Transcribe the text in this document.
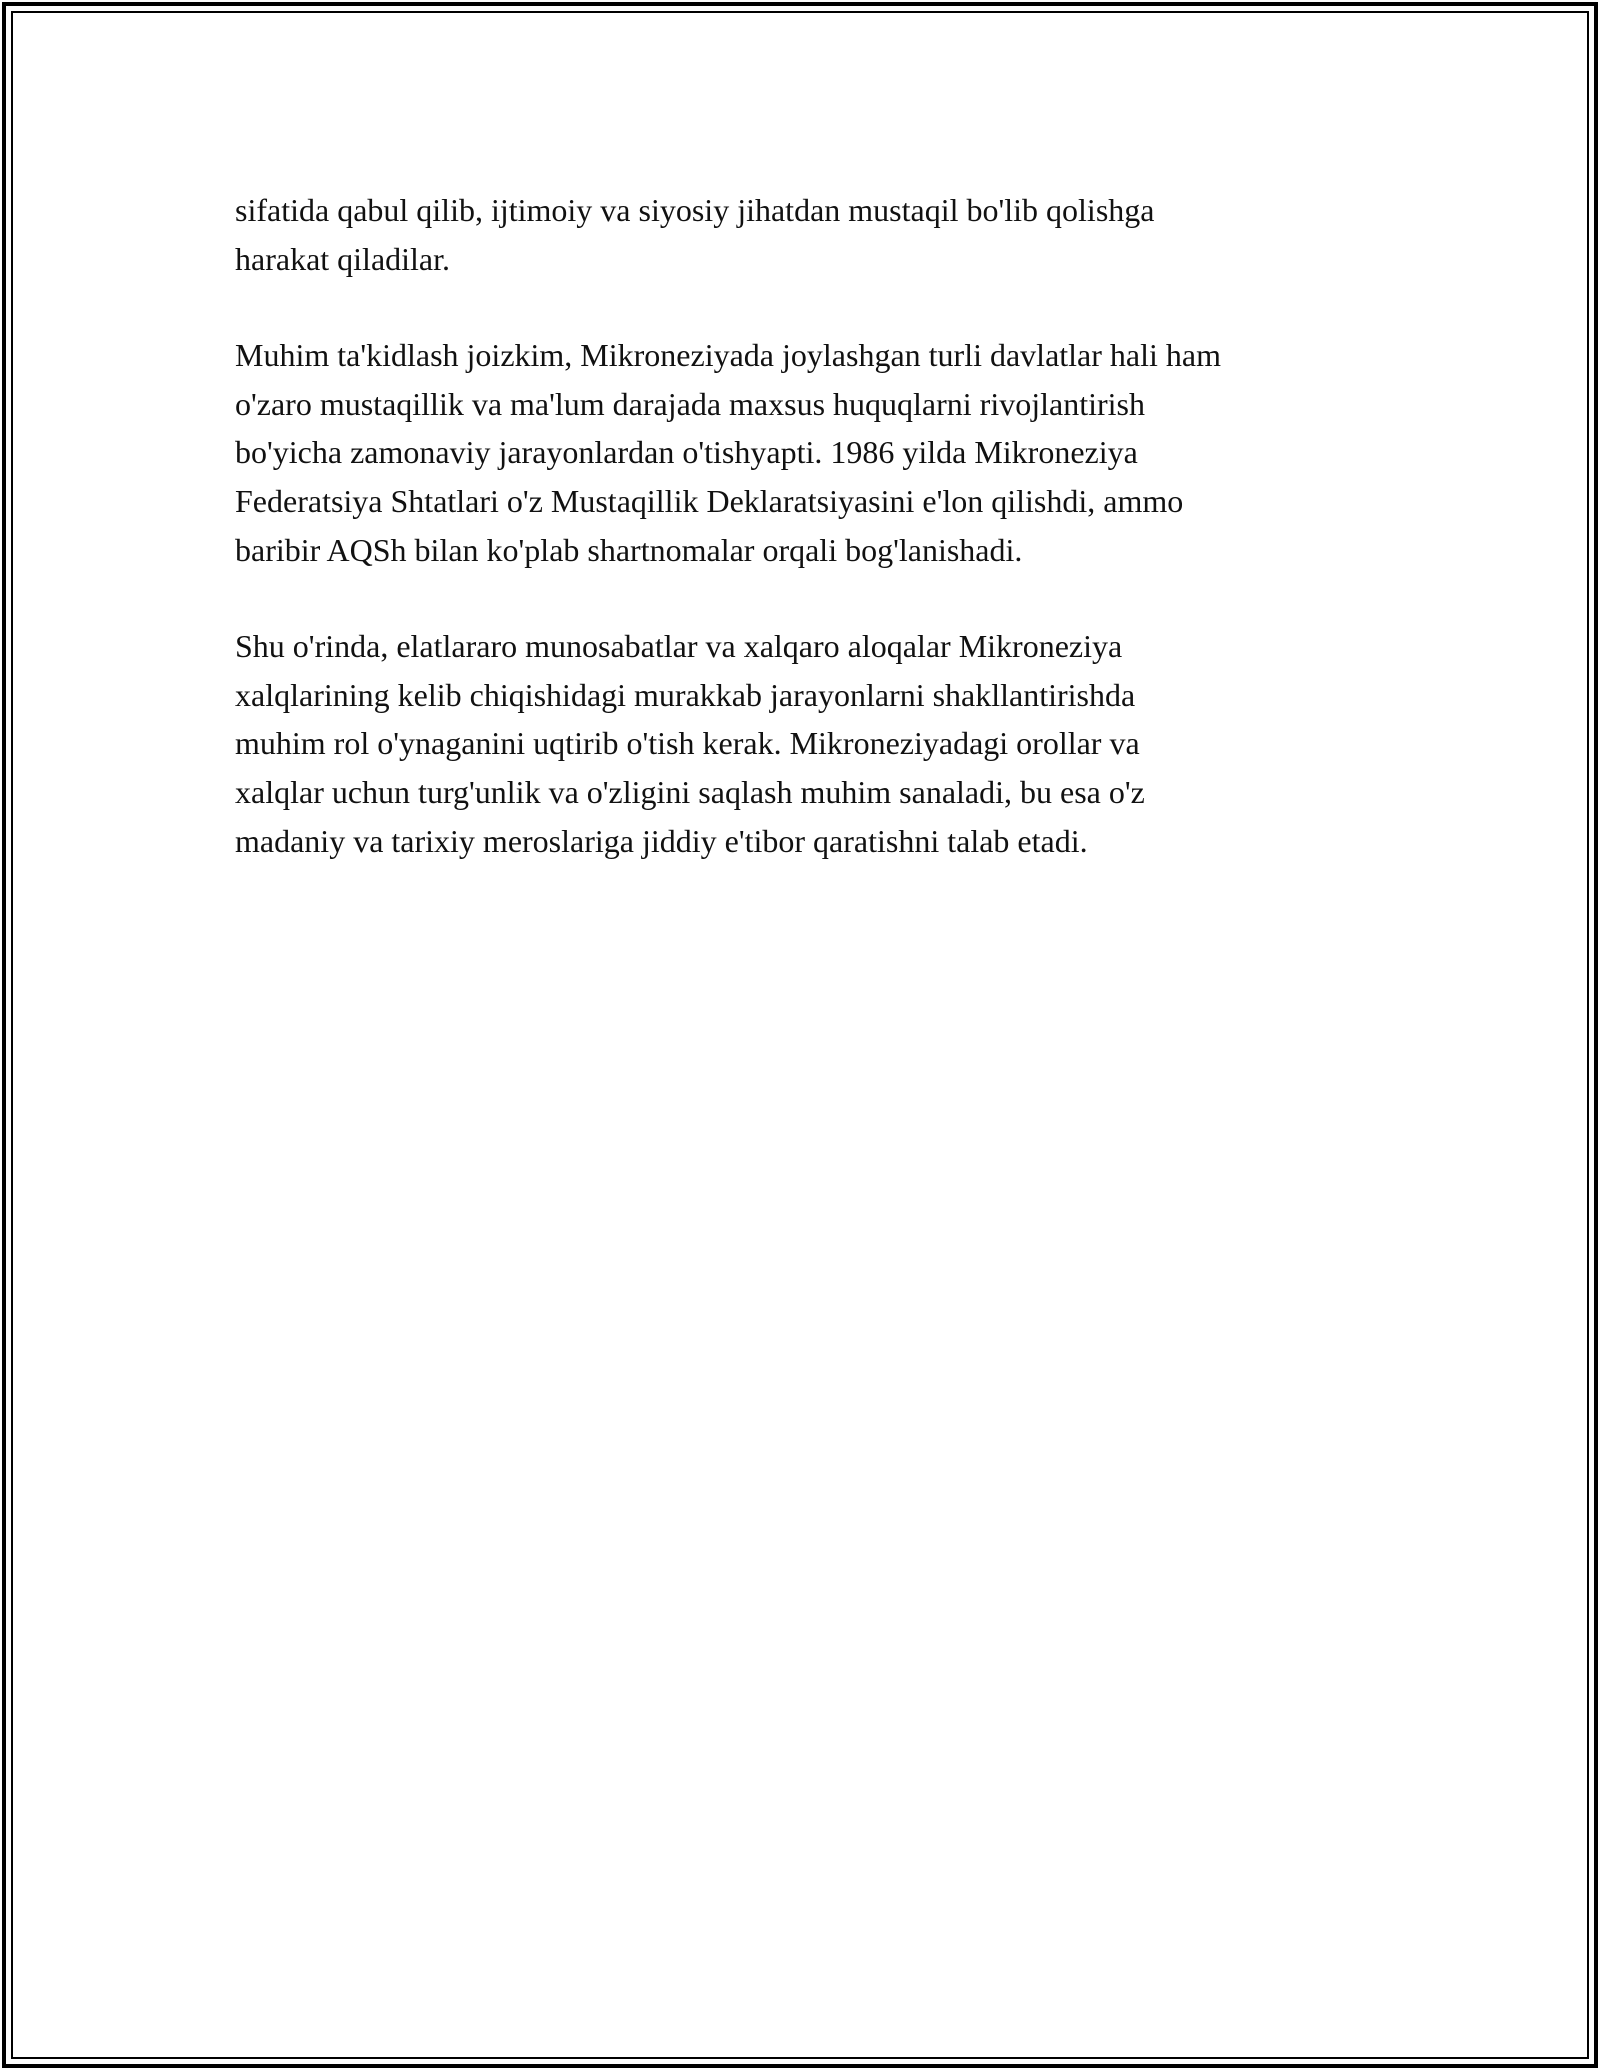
sifatida qabul qilib, ijtimoiy va siyosiy jihatdan mustaqil bo'lib qolishga
harakat qiladilar.

Muhim ta'kidlash joizkim, Mikroneziyada joylashgan turli davlatlar hali ham
o'zaro mustaqillik va ma'lum darajada maxsus huquqlarni rivojlantirish
bo'yicha zamonaviy jarayonlardan o'tishyapti. 1986 yilda Mikroneziya
Federatsiya Shtatlari o'z Mustaqillik Deklaratsiyasini e'lon qilishdi, ammo
baribir AQSh bilan ko'plab shartnomalar orqali bog'lanishadi.

Shu o'rinda, elatlararo munosabatlar va xalqaro aloqalar Mikroneziya
xalqlarining kelib chiqishidagi murakkab jarayonlarni shakllantirishda
muhim rol o'ynaganini uqtirib o'tish kerak. Mikroneziyadagi orollar va
xalqlar uchun turg'unlik va o'zligini saqlash muhim sanaladi, bu esa o'z
madaniy va tarixiy meroslariga jiddiy e'tibor qaratishni talab etadi.
